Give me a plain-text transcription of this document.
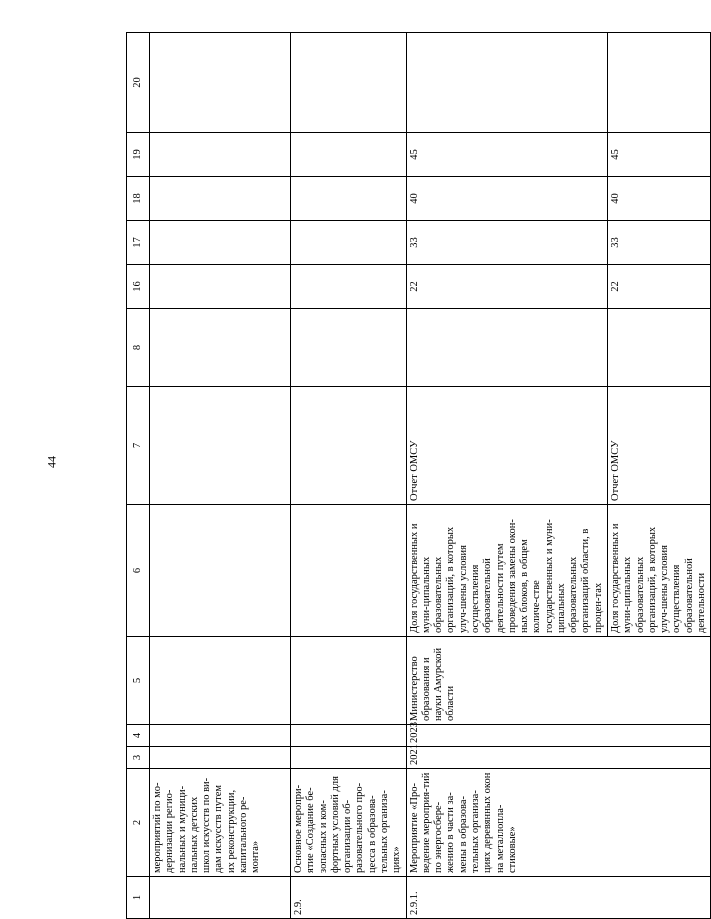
44
1	2	3	4	5	6	7	8	16	17	18	19	20
	мероприятий по мо-дернизации регио-нальных и муници-пальных детских школ искусств по ви-дам искусств путем их реконструкции, капитального ре-монта»											
2.9.	Основное меропри-ятие «Создание бе-зопасных и ком-фортных условий для организации об-разовательного про-цесса в образова-тельных организа-циях»											
2.9.1.	Мероприятие «Про-ведение мероприя-тий по энергосбере-жению в части за-мены в образова-тельных организа-циях деревянных окон на металлопла-стиковые»	2021	2023	Министерство образования и науки Амурской области	Доля государственных и муни-ципальных образовательных организаций, в которых улуч-шены условия осуществления образовательной деятельности путем проведения замены окон-ных блоков, в общем количе-стве государственных и муни-ципальных образовательных организаций области, в процен-тах	Отчет ОМСУ		22	33	40	45	
					Доля государственных и муни-ципальных образовательных организаций, в которых улуч-шены условия осуществления образовательной деятельности	Отчет ОМСУ		22	33	40	45	
